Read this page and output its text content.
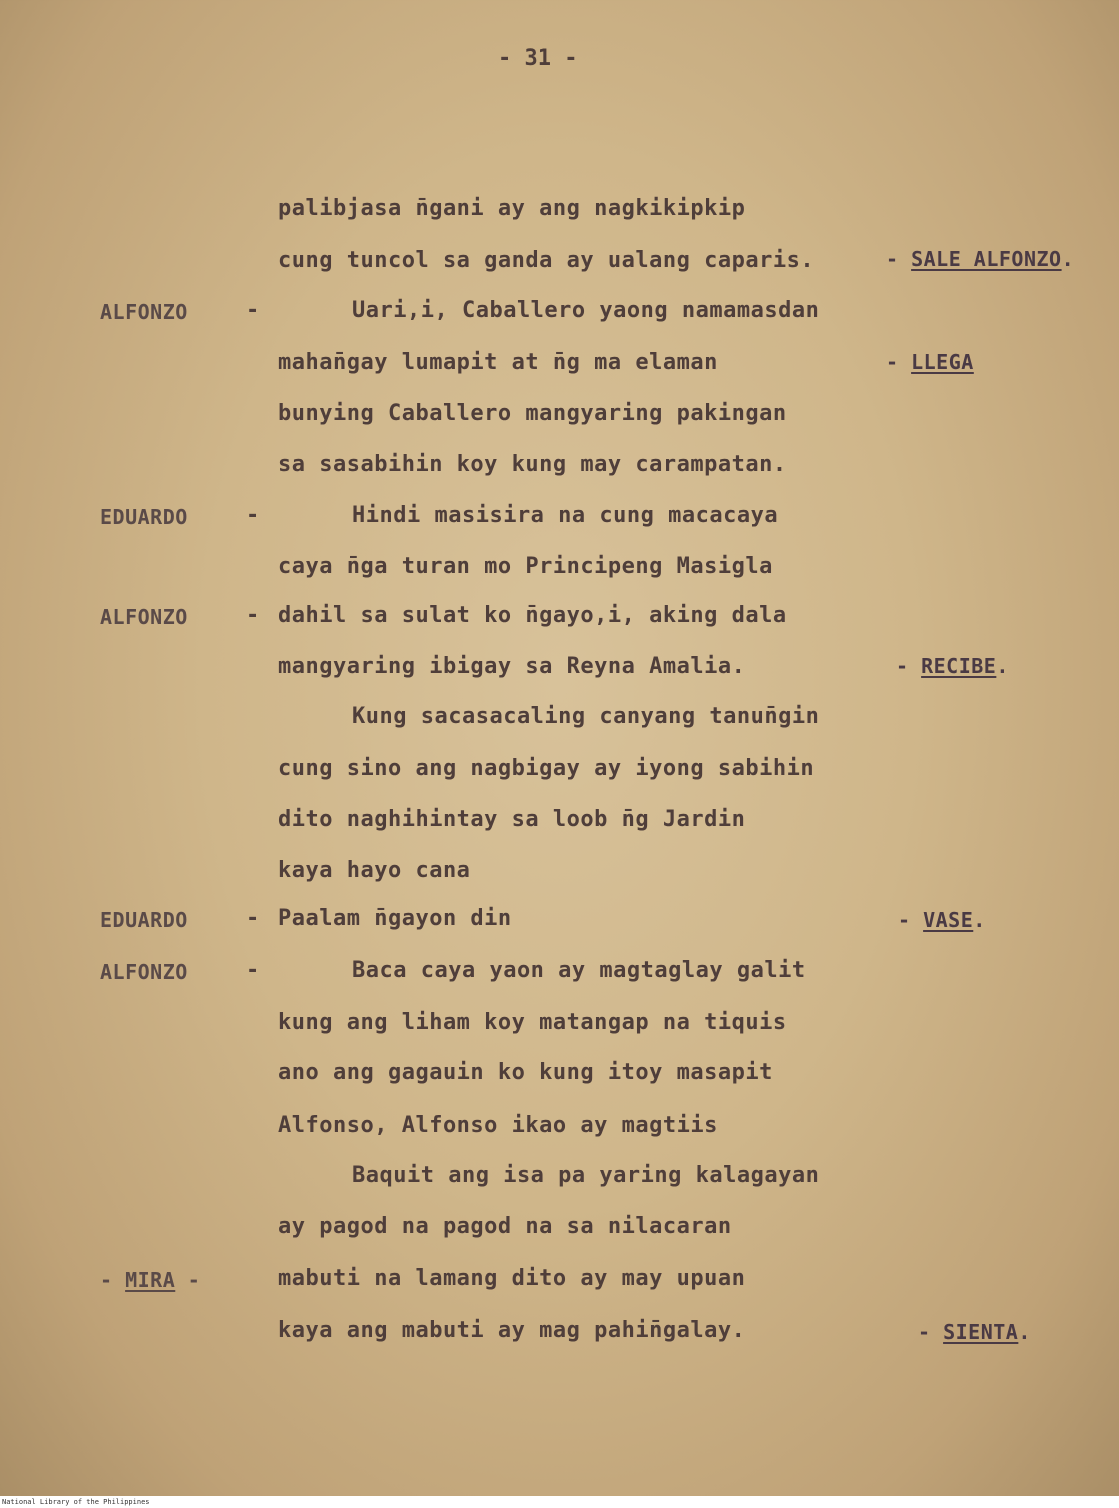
- 31 -
palibjasa n̄gani ay ang nagkikipkip
cung tuncol sa ganda ay ualang caparis.
Uari,i, Caballero yaong namamasdan
mahan̄gay lumapit at n̄g ma elaman
bunying Caballero mangyaring pakingan
sa sasabihin koy kung may carampatan.
Hindi masisira na cung macacaya
caya n̄ga turan mo Principeng Masigla
dahil sa sulat ko n̄gayo,i, aking dala
mangyaring ibigay sa Reyna Amalia.
Kung sacasacaling canyang tanun̄gin
cung sino ang nagbigay ay iyong sabihin
dito naghihintay sa loob n̄g Jardin
kaya hayo cana
Paalam n̄gayon din
Baca caya yaon ay magtaglay galit
kung ang liham koy matangap na tiquis
ano ang gagauin ko kung itoy masapit
Alfonso, Alfonso ikao ay magtiis
Baquit ang isa pa yaring kalagayan
ay pagod na pagod na sa nilacaran
mabuti na lamang dito ay may upuan
kaya ang mabuti ay mag pahin̄galay.
ALFONZO	-
EDUARDO	-
ALFONZO	-
EDUARDO	-
ALFONZO	-
- MIRA -
- SALE ALFONZO.
- LLEGA
- RECIBE.
- VASE.
- SIENTA.
National Library of the Philippines
